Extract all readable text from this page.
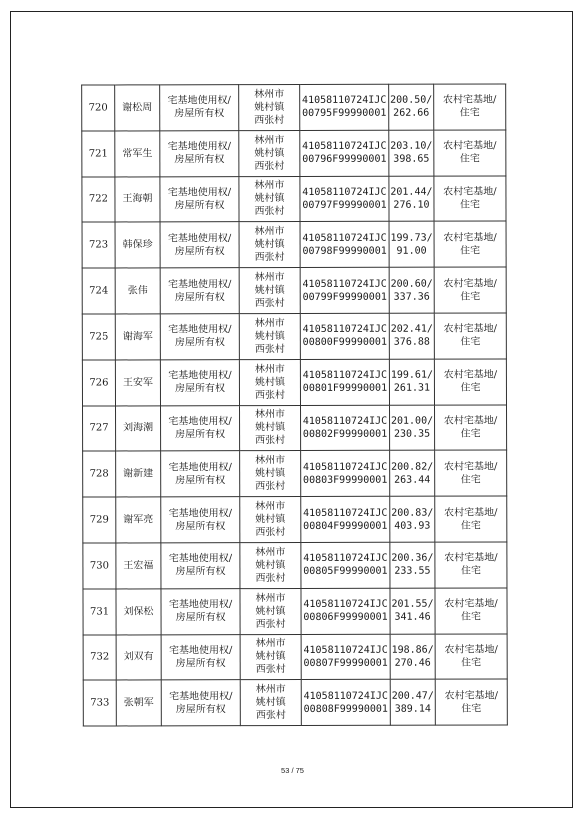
720	谢松周	宅基地使用权/
房屋所有权	林州市
姚村镇
西张村	41058110724IJC
00795F99990001	200.50/
262.66	农村宅基地/
住宅

721	常军生	宅基地使用权/
房屋所有权	林州市
姚村镇
西张村	41058110724IJC
00796F99990001	203.10/
398.65	农村宅基地/
住宅

722	王海朝	宅基地使用权/
房屋所有权	林州市
姚村镇
西张村	41058110724IJC
00797F99990001	201.44/
276.10	农村宅基地/
住宅

723	韩保珍	宅基地使用权/
房屋所有权	林州市
姚村镇
西张村	41058110724IJC
00798F99990001	199.73/
91.00	农村宅基地/
住宅

724	张伟	宅基地使用权/
房屋所有权	林州市
姚村镇
西张村	41058110724IJC
00799F99990001	200.60/
337.36	农村宅基地/
住宅

725	谢海军	宅基地使用权/
房屋所有权	林州市
姚村镇
西张村	41058110724IJC
00800F99990001	202.41/
376.88	农村宅基地/
住宅

726	王安军	宅基地使用权/
房屋所有权	林州市
姚村镇
西张村	41058110724IJC
00801F99990001	199.61/
261.31	农村宅基地/
住宅

727	刘海潮	宅基地使用权/
房屋所有权	林州市
姚村镇
西张村	41058110724IJC
00802F99990001	201.00/
230.35	农村宅基地/
住宅

728	谢新建	宅基地使用权/
房屋所有权	林州市
姚村镇
西张村	41058110724IJC
00803F99990001	200.82/
263.44	农村宅基地/
住宅

729	谢军亮	宅基地使用权/
房屋所有权	林州市
姚村镇
西张村	41058110724IJC
00804F99990001	200.83/
403.93	农村宅基地/
住宅

730	王宏福	宅基地使用权/
房屋所有权	林州市
姚村镇
西张村	41058110724IJC
00805F99990001	200.36/
233.55	农村宅基地/
住宅

731	刘保松	宅基地使用权/
房屋所有权	林州市
姚村镇
西张村	41058110724IJC
00806F99990001	201.55/
341.46	农村宅基地/
住宅

732	刘双有	宅基地使用权/
房屋所有权	林州市
姚村镇
西张村	41058110724IJC
00807F99990001	198.86/
270.46	农村宅基地/
住宅

733	张朝军	宅基地使用权/
房屋所有权	林州市
姚村镇
西张村	41058110724IJC
00808F99990001	200.47/
389.14	农村宅基地/
住宅
53 / 75
